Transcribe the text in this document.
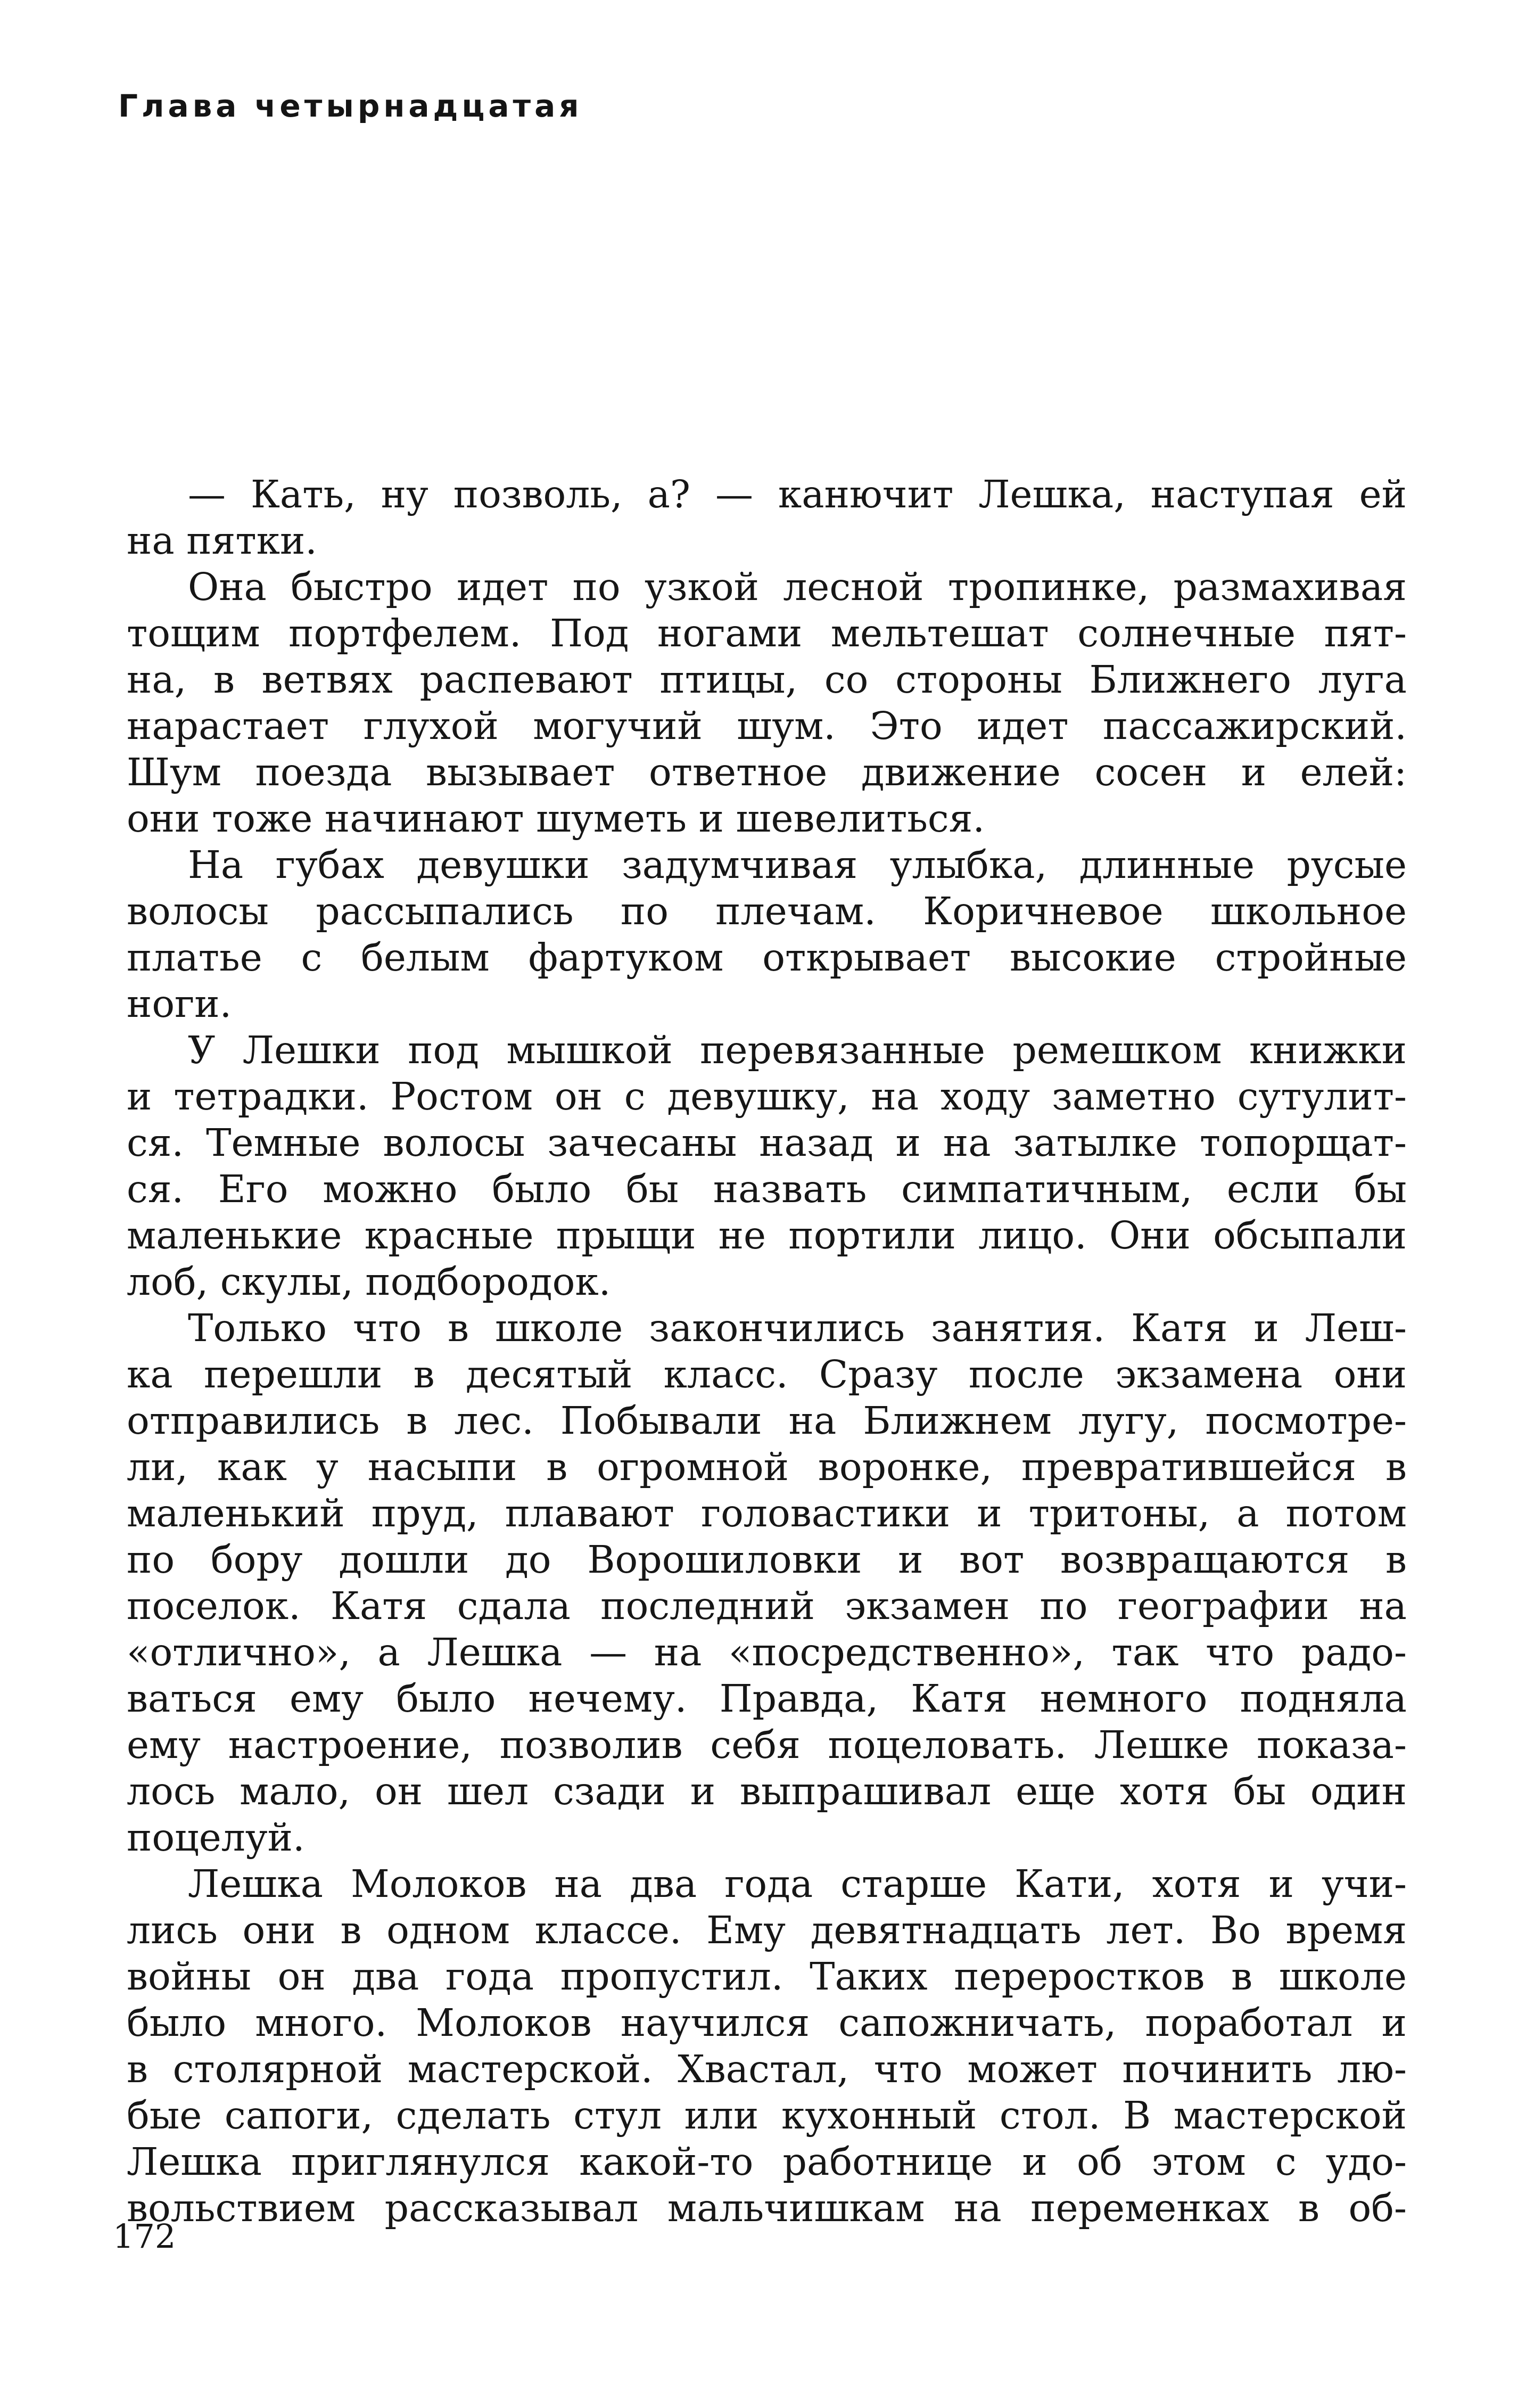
Глава четырнадцатая
— Кать, ну позволь, а? — канючит Лешка, наступая ей
на пятки.
Она быстро идет по узкой лесной тропинке, размахивая
тощим портфелем. Под ногами мельтешат солнечные пят-
на, в ветвях распевают птицы, со стороны Ближнего луга
нарастает глухой могучий шум. Это идет пассажирский.
Шум поезда вызывает ответное движение сосен и елей:
они тоже начинают шуметь и шевелиться.
На губах девушки задумчивая улыбка, длинные русые
волосы рассыпались по плечам. Коричневое школьное
платье с белым фартуком открывает высокие стройные
ноги.
У Лешки под мышкой перевязанные ремешком книжки
и тетрадки. Ростом он с девушку, на ходу заметно сутулит-
ся. Темные волосы зачесаны назад и на затылке топорщат-
ся. Его можно было бы назвать симпатичным, если бы
маленькие красные прыщи не портили лицо. Они обсыпали
лоб, скулы, подбородок.
Только что в школе закончились занятия. Катя и Леш-
ка перешли в десятый класс. Сразу после экзамена они
отправились в лес. Побывали на Ближнем лугу, посмотре-
ли, как у насыпи в огромной воронке, превратившейся в
маленький пруд, плавают головастики и тритоны, а потом
по бору дошли до Ворошиловки и вот возвращаются в
поселок. Катя сдала последний экзамен по географии на
«отлично», а Лешка — на «посредственно», так что радо-
ваться ему было нечему. Правда, Катя немного подняла
ему настроение, позволив себя поцеловать. Лешке показа-
лось мало, он шел сзади и выпрашивал еще хотя бы один
поцелуй.
Лешка Молоков на два года старше Кати, хотя и учи-
лись они в одном классе. Ему девятнадцать лет. Во время
войны он два года пропустил. Таких переростков в школе
было много. Молоков научился сапожничать, поработал и
в столярной мастерской. Хвастал, что может починить лю-
бые сапоги, сделать стул или кухонный стол. В мастерской
Лешка приглянулся какой-то работнице и об этом с удо-
вольствием рассказывал мальчишкам на переменках в об-

172
